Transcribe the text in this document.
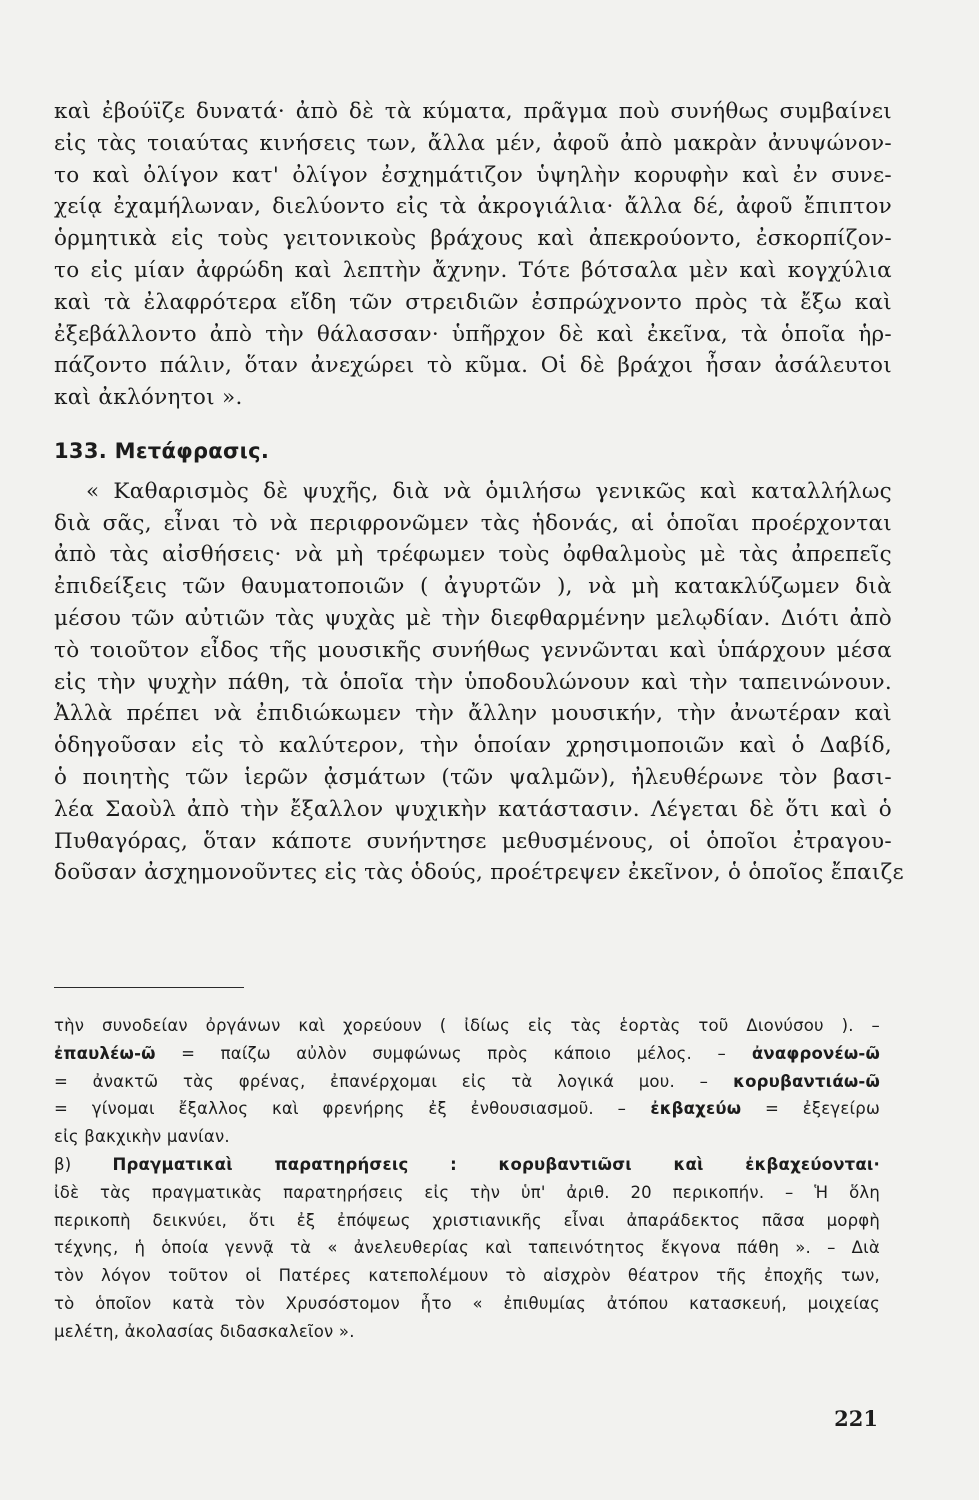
καὶ ἐβούϊζε δυνατά· ἀπὸ δὲ τὰ κύματα, πρᾶγμα ποὺ συνήθως συμβαίνει
εἰς τὰς τοιαύτας κινήσεις των, ἄλλα μέν, ἀφοῦ ἀπὸ μακρὰν ἀνυψώνον-
το καὶ ὀλίγον κατ' ὀλίγον ἐσχημάτιζον ὑψηλὴν κορυφὴν καὶ ἐν συνε-
χείᾳ ἐχαμήλωναν, διελύοντο εἰς τὰ ἀκρογιάλια· ἄλλα δέ, ἀφοῦ ἔπιπτον
ὁρμητικὰ εἰς τοὺς γειτονικοὺς βράχους καὶ ἀπεκρούοντο, ἐσκορπίζον-
το εἰς μίαν ἀφρώδη καὶ λεπτὴν ἄχνην. Τότε βότσαλα μὲν καὶ κογχύλια
καὶ τὰ ἐλαφρότερα εἴδη τῶν στρειδιῶν ἐσπρώχνοντο πρὸς τὰ ἔξω καὶ
ἐξεβάλλοντο ἀπὸ τὴν θάλασσαν· ὑπῆρχον δὲ καὶ ἐκεῖνα, τὰ ὁποῖα ἡρ-
πάζοντο πάλιν, ὅταν ἀνεχώρει τὸ κῦμα. Οἱ δὲ βράχοι ἦσαν ἀσάλευτοι
καὶ ἀκλόνητοι ».
133. Μετάφρασις.
« Καθαρισμὸς δὲ ψυχῆς, διὰ νὰ ὁμιλήσω γενικῶς καὶ καταλλήλως
διὰ σᾶς, εἶναι τὸ νὰ περιφρονῶμεν τὰς ἡδονάς, αἱ ὁποῖαι προέρχονται
ἀπὸ τὰς αἰσθήσεις· νὰ μὴ τρέφωμεν τοὺς ὀφθαλμοὺς μὲ τὰς ἀπρεπεῖς
ἐπιδείξεις τῶν θαυματοποιῶν ( ἀγυρτῶν ), νὰ μὴ κατακλύζωμεν διὰ
μέσου τῶν αὐτιῶν τὰς ψυχὰς μὲ τὴν διεφθαρμένην μελῳδίαν. Διότι ἀπὸ
τὸ τοιοῦτον εἶδος τῆς μουσικῆς συνήθως γεννῶνται καὶ ὑπάρχουν μέσα
εἰς τὴν ψυχὴν πάθη, τὰ ὁποῖα τὴν ὑποδουλώνουν καὶ τὴν ταπεινώνουν.
Ἀλλὰ πρέπει νὰ ἐπιδιώκωμεν τὴν ἄλλην μουσικήν, τὴν ἀνωτέραν καὶ
ὁδηγοῦσαν εἰς τὸ καλύτερον, τὴν ὁποίαν χρησιμοποιῶν καὶ ὁ Δαβίδ,
ὁ ποιητὴς τῶν ἱερῶν ᾀσμάτων (τῶν ψαλμῶν), ἠλευθέρωνε τὸν βασι-
λέα Σαοὺλ ἀπὸ τὴν ἔξαλλον ψυχικὴν κατάστασιν. Λέγεται δὲ ὅτι καὶ ὁ
Πυθαγόρας, ὅταν κάποτε συνήντησε μεθυσμένους, οἱ ὁποῖοι ἐτραγου-
δοῦσαν ἀσχημονοῦντες εἰς τὰς ὁδούς, προέτρεψεν ἐκεῖνον, ὁ ὁποῖος ἔπαιζε
τὴν συνοδείαν ὀργάνων καὶ χορεύουν ( ἰδίως εἰς τὰς ἑορτὰς τοῦ Διονύσου ). –
ἐπαυλέω-ῶ = παίζω αὐλὸν συμφώνως πρὸς κάποιο μέλος. – ἀναφρονέω-ῶ
= ἀνακτῶ τὰς φρένας, ἐπανέρχομαι εἰς τὰ λογικά μου. – κορυβαντιάω-ῶ
= γίνομαι ἔξαλλος καὶ φρενήρης ἐξ ἐνθουσιασμοῦ. – ἐκβαχεύω = ἐξεγείρω
εἰς βακχικὴν μανίαν.
β) Πραγματικαὶ παρατηρήσεις : κορυβαντιῶσι καὶ ἐκβαχεύονται·
ἰδὲ τὰς πραγματικὰς παρατηρήσεις εἰς τὴν ὑπ' ἀριθ. 20 περικοπήν. – Ἡ ὅλη
περικοπὴ δεικνύει, ὅτι ἐξ ἐπόψεως χριστιανικῆς εἶναι ἀπαράδεκτος πᾶσα μορφὴ
τέχνης, ἡ ὁποία γεννᾷ τὰ « ἀνελευθερίας καὶ ταπεινότητος ἔκγονα πάθη ». – Διὰ
τὸν λόγον τοῦτον οἱ Πατέρες κατεπολέμουν τὸ αἰσχρὸν θέατρον τῆς ἐποχῆς των,
τὸ ὁποῖον κατὰ τὸν Χρυσόστομον ἦτο « ἐπιθυμίας ἀτόπου κατασκευή, μοιχείας
μελέτη, ἀκολασίας διδασκαλεῖον ».
221
